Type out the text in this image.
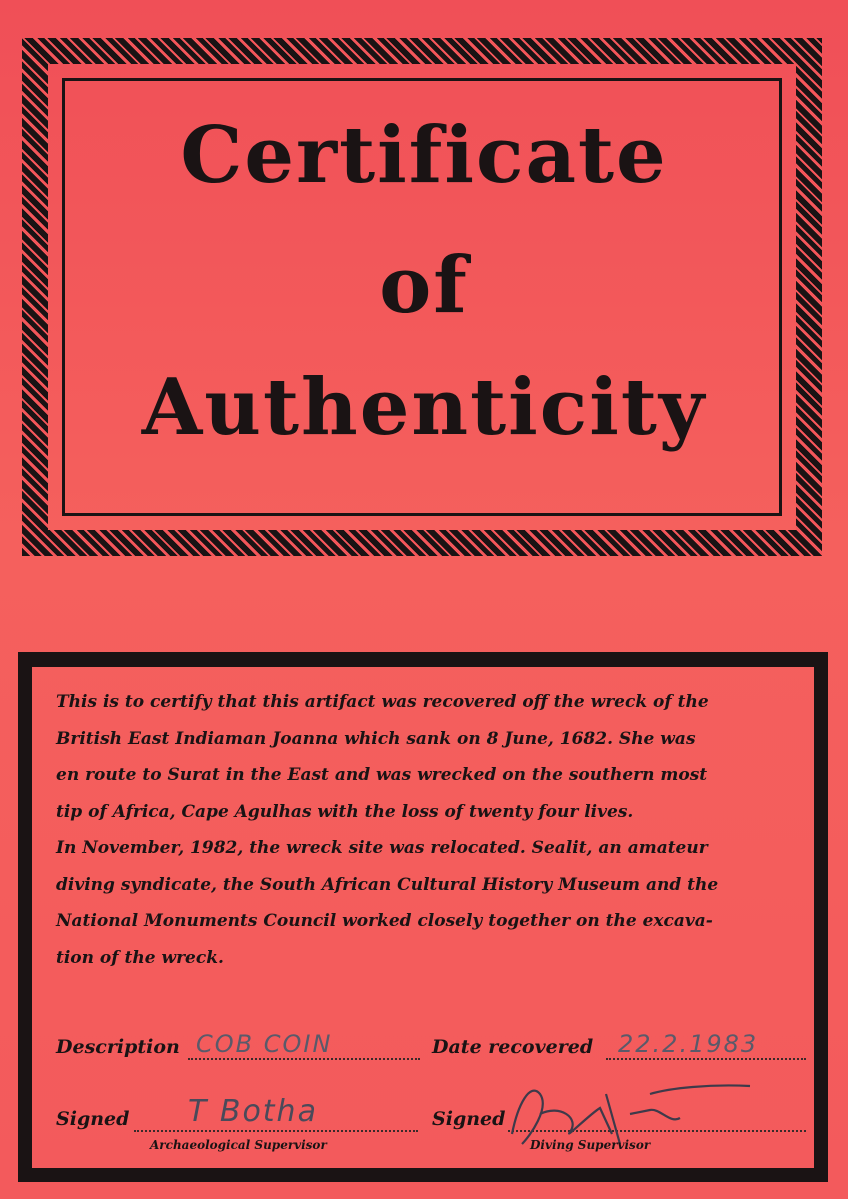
Certificate
of
Authenticity
This is to certify that this artifact was recovered off the wreck of the
British East Indiaman Joanna which sank on 8 June, 1682. She was
en route to Surat in the East and was wrecked on the southern most
tip of Africa, Cape Agulhas with the loss of twenty four lives.
In November, 1982, the wreck site was relocated. Sealit, an amateur
diving syndicate, the South African Cultural History Museum and the
National Monuments Council worked closely together on the excava-
tion of the wreck.
Description COB COIN	Date recovered 22.2.1983
Signed T Botha
Archaeological Supervisor
Signed
Diving Supervisor
